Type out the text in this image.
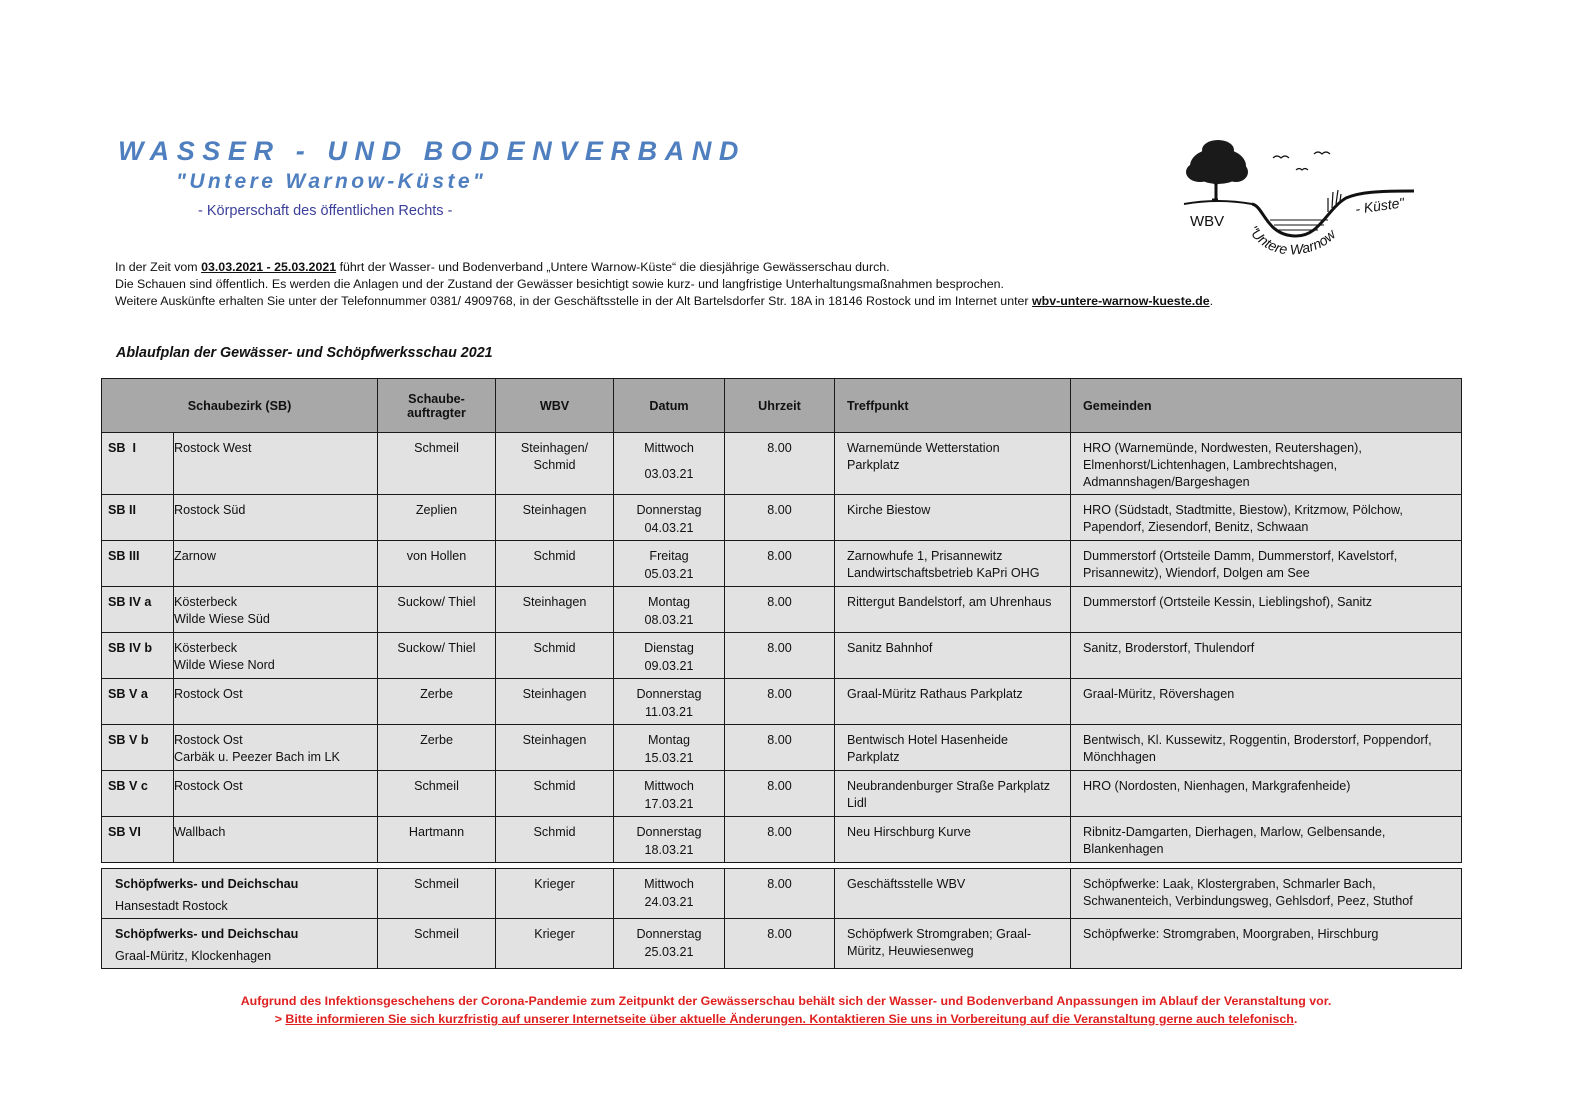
WASSER - UND BODENVERBAND
"Untere Warnow-Küste"
- Körperschaft des öffentlichen Rechts -
WBV "Untere Warnow
- Küste"

In der Zeit vom 03.03.2021 - 25.03.2021 führt der Wasser- und Bodenverband „Untere Warnow-Küste“ die diesjährige Gewässerschau durch.

Die Schauen sind öffentlich. Es werden die Anlagen und der Zustand der Gewässer besichtigt sowie kurz- und langfristige Unterhaltungsmaßnahmen besprochen.

Weitere Auskünfte erhalten Sie unter der Telefonnummer 0381/ 4909768, in der Geschäftsstelle in der Alt Bartelsdorfer Str. 18A in 18146 Rostock und im Internet unter wbv-untere-warnow-kueste.de.

Ablaufplan der Gewässer- und Schöpfwerksschau 2021
Schaubezirk (SB)		Schaube-
auftragter	WBV	Datum	Uhrzeit	Treffpunkt	Gemeinden

SB  I	Rostock West	Schmeil	Steinhagen/
Schmid	Mittwoch
03.03.21	8.00	Warnemünde Wetterstation
Parkplatz	HRO (Warnemünde, Nordwesten, Reutershagen),
Elmenhorst/Lichtenhagen, Lambrechtshagen,
Admannshagen/Bargeshagen

SB II	Rostock Süd	Zeplien	Steinhagen	Donnerstag
04.03.21	8.00	Kirche Biestow	HRO (Südstadt, Stadtmitte, Biestow), Kritzmow, Pölchow,
Papendorf, Ziesendorf, Benitz, Schwaan

SB III	Zarnow	von Hollen	Schmid	Freitag
05.03.21	8.00	Zarnowhufe 1, Prisannewitz
Landwirtschaftsbetrieb KaPri OHG	Dummerstorf (Ortsteile Damm, Dummerstorf, Kavelstorf,
Prisannewitz), Wiendorf, Dolgen am See

SB IV a	Kösterbeck
Wilde Wiese Süd	Suckow/ Thiel	Steinhagen	Montag
08.03.21	8.00	Rittergut Bandelstorf, am Uhrenhaus	Dummerstorf (Ortsteile Kessin, Lieblingshof), Sanitz

SB IV b	Kösterbeck
Wilde Wiese Nord	Suckow/ Thiel	Schmid	Dienstag
09.03.21	8.00	Sanitz Bahnhof	Sanitz, Broderstorf, Thulendorf

SB V a	Rostock Ost	Zerbe	Steinhagen	Donnerstag
11.03.21	8.00	Graal-Müritz Rathaus Parkplatz	Graal-Müritz, Rövershagen

SB V b	Rostock Ost
Carbäk u. Peezer Bach im LK	Zerbe	Steinhagen	Montag
15.03.21	8.00	Bentwisch Hotel Hasenheide
Parkplatz	Bentwisch, Kl. Kussewitz, Roggentin, Broderstorf, Poppendorf,
Mönchhagen

SB V c	Rostock Ost	Schmeil	Schmid	Mittwoch
17.03.21	8.00	Neubrandenburger Straße Parkplatz
Lidl	HRO (Nordosten, Nienhagen, Markgrafenheide)

SB VI	Wallbach	Hartmann	Schmid	Donnerstag
18.03.21	8.00	Neu Hirschburg Kurve	Ribnitz-Damgarten, Dierhagen, Marlow, Gelbensande,
Blankenhagen
Schöpfwerks- und Deichschau
Hansestadt Rostock	Schmeil	Krieger	Mittwoch
24.03.21	8.00	Geschäftsstelle WBV	Schöpfwerke: Laak, Klostergraben, Schmarler Bach,
Schwanenteich, Verbindungsweg, Gehlsdorf, Peez, Stuthof

Schöpfwerks- und Deichschau
Graal-Müritz, Klockenhagen	Schmeil	Krieger	Donnerstag
25.03.21	8.00	Schöpfwerk Stromgraben; Graal-
Müritz, Heuwiesenweg	Schöpfwerke: Stromgraben, Moorgraben, Hirschburg
Aufgrund des Infektionsgeschehens der Corona-Pandemie zum Zeitpunkt der Gewässerschau behält sich der Wasser- und Bodenverband Anpassungen im Ablauf der Veranstaltung vor.
> Bitte informieren Sie sich kurzfristig auf unserer Internetseite über aktuelle Änderungen. Kontaktieren Sie uns in Vorbereitung auf die Veranstaltung gerne auch telefonisch.
